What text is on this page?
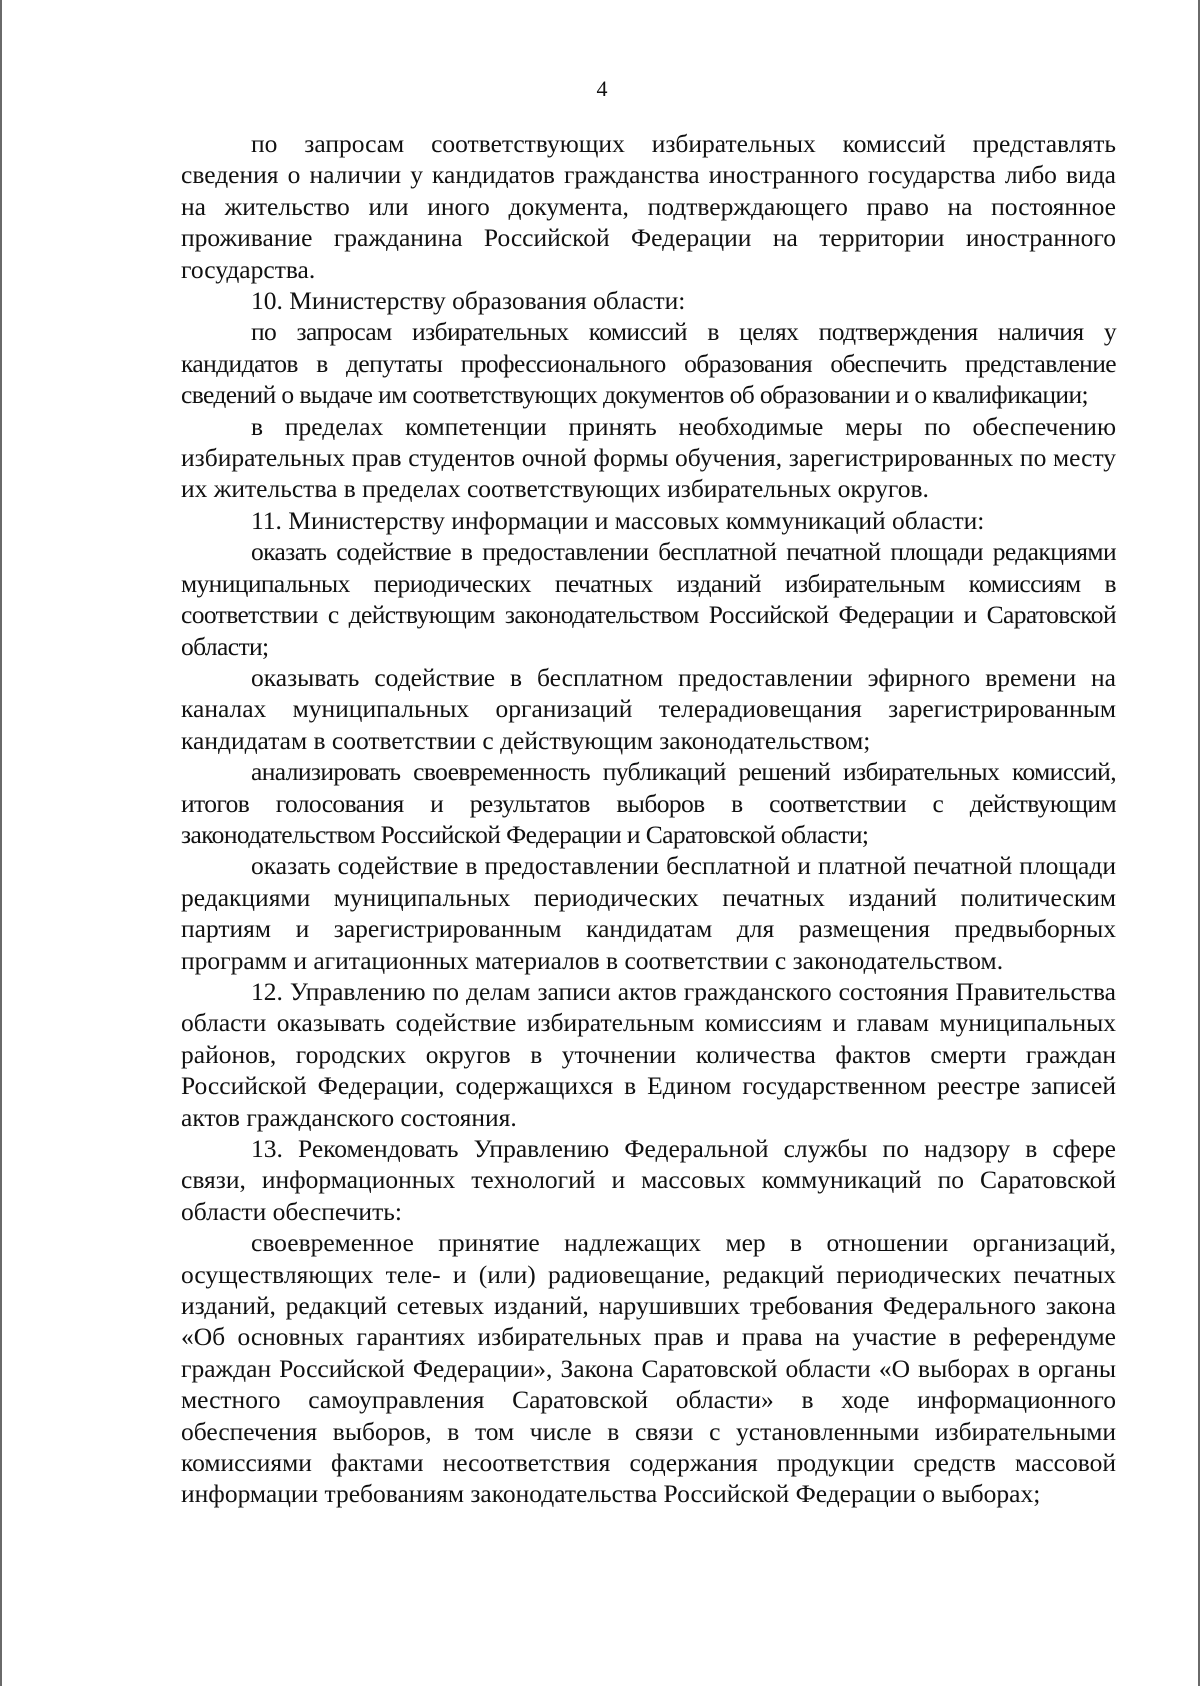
4

по запросам соответствующих избирательных комиссий представлять сведения о наличии у кандидатов гражданства иностранного государства либо вида на жительство или иного документа, подтверждающего право на постоянное проживание гражданина Российской Федерации на территории иностранного государства.

10. Министерству образования области:

по запросам избирательных комиссий в целях подтверждения наличия у кандидатов в депутаты профессионального образования обеспечить представление сведений о выдаче им соответствующих документов об образовании и о квалификации;

в пределах компетенции принять необходимые меры по обеспечению избирательных прав студентов очной формы обучения, зарегистрированных по месту их жительства в пределах соответствующих избирательных округов.

11. Министерству информации и массовых коммуникаций области:

оказать содействие в предоставлении бесплатной печатной площади редакциями муниципальных периодических печатных изданий избирательным комиссиям в соответствии с действующим законодательством Российской Федерации и Саратовской области;

оказывать содействие в бесплатном предоставлении эфирного времени на каналах муниципальных организаций телерадиовещания зарегистрированным кандидатам в соответствии с действующим законодательством;

анализировать своевременность публикаций решений избирательных комиссий, итогов голосования и результатов выборов в соответствии с действующим законодательством Российской Федерации и Саратовской области;

оказать содействие в предоставлении бесплатной и платной печатной площади редакциями муниципальных периодических печатных изданий политическим партиям и зарегистрированным кандидатам для размещения предвыборных программ и агитационных материалов в соответствии с законодательством.

12. Управлению по делам записи актов гражданского состояния Правительства области оказывать содействие избирательным комиссиям и главам муниципальных районов, городских округов в уточнении количества фактов смерти граждан Российской Федерации, содержащихся в Едином государственном реестре записей актов гражданского состояния.

13. Рекомендовать Управлению Федеральной службы по надзору в сфере связи, информационных технологий и массовых коммуникаций по Саратовской области обеспечить:

своевременное принятие надлежащих мер в отношении организаций, осуществляющих теле- и (или) радиовещание, редакций периодических печатных изданий, редакций сетевых изданий, нарушивших требования Федерального закона «Об основных гарантиях избирательных прав и права на участие в референдуме граждан Российской Федерации», Закона Саратовской области «О выборах в органы местного самоуправления Саратовской области» в ходе информационного обеспечения выборов, в том числе в связи с установленными избирательными комиссиями фактами несоответствия содержания продукции средств массовой информации требованиям законодательства Российской Федерации о выборах;
